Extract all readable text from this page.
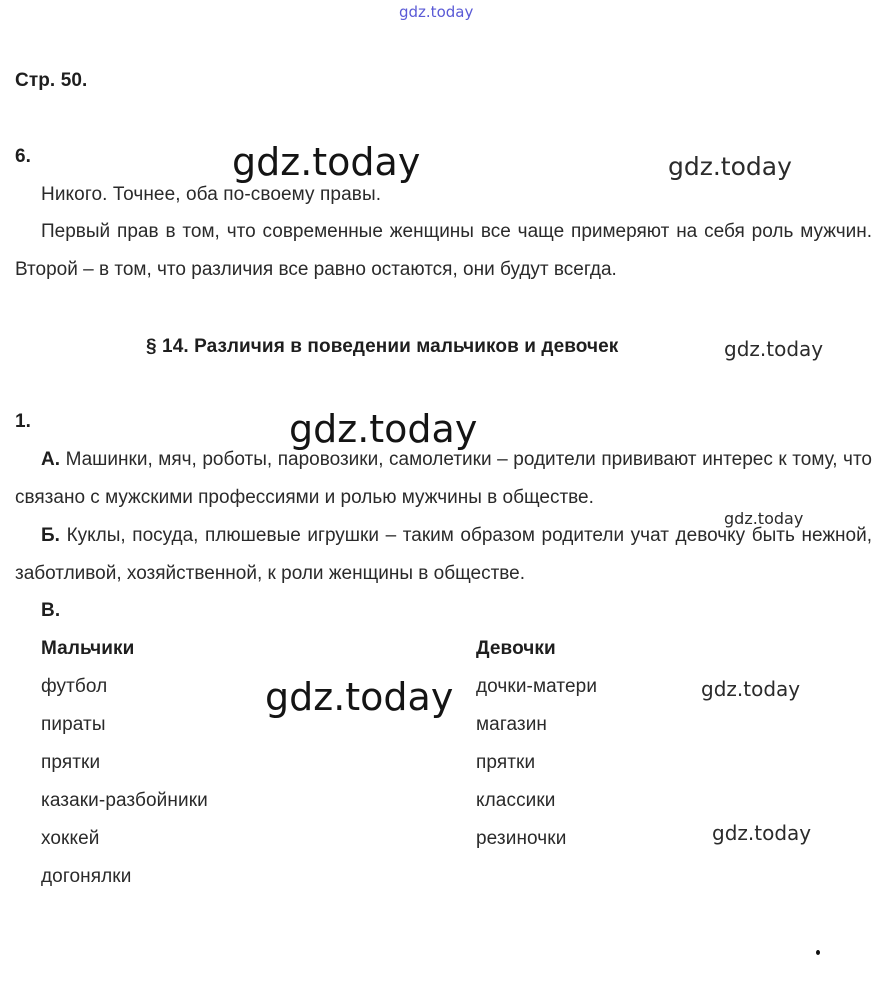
gdz.today
Стр. 50.
6.
Никого. Точнее, оба по-своему правы.
Первый прав в том, что современные женщины все чаще примеряют на себя роль мужчин. Второй – в том, что различия все равно остаются, они будут всегда.
§ 14. Различия в поведении мальчиков и девочек
1.
А. Машинки, мяч, роботы, паровозики, самолетики – родители прививают интерес к тому, что связано с мужскими профессиями и ролью мужчины в обществе.
Б. Куклы, посуда, плюшевые игрушки – таким образом родители учат девочку быть нежной, заботливой, хозяйственной, к роли женщины в обществе.
В.
Мальчики
футбол
пираты
прятки
казаки-разбойники
хоккей
догонялки
Девочки
дочки-матери
магазин
прятки
классики
резиночки
gdz.today	gdz.today
gdz.today
gdz.today
gdz.today
gdz.today	gdz.today
gdz.today
